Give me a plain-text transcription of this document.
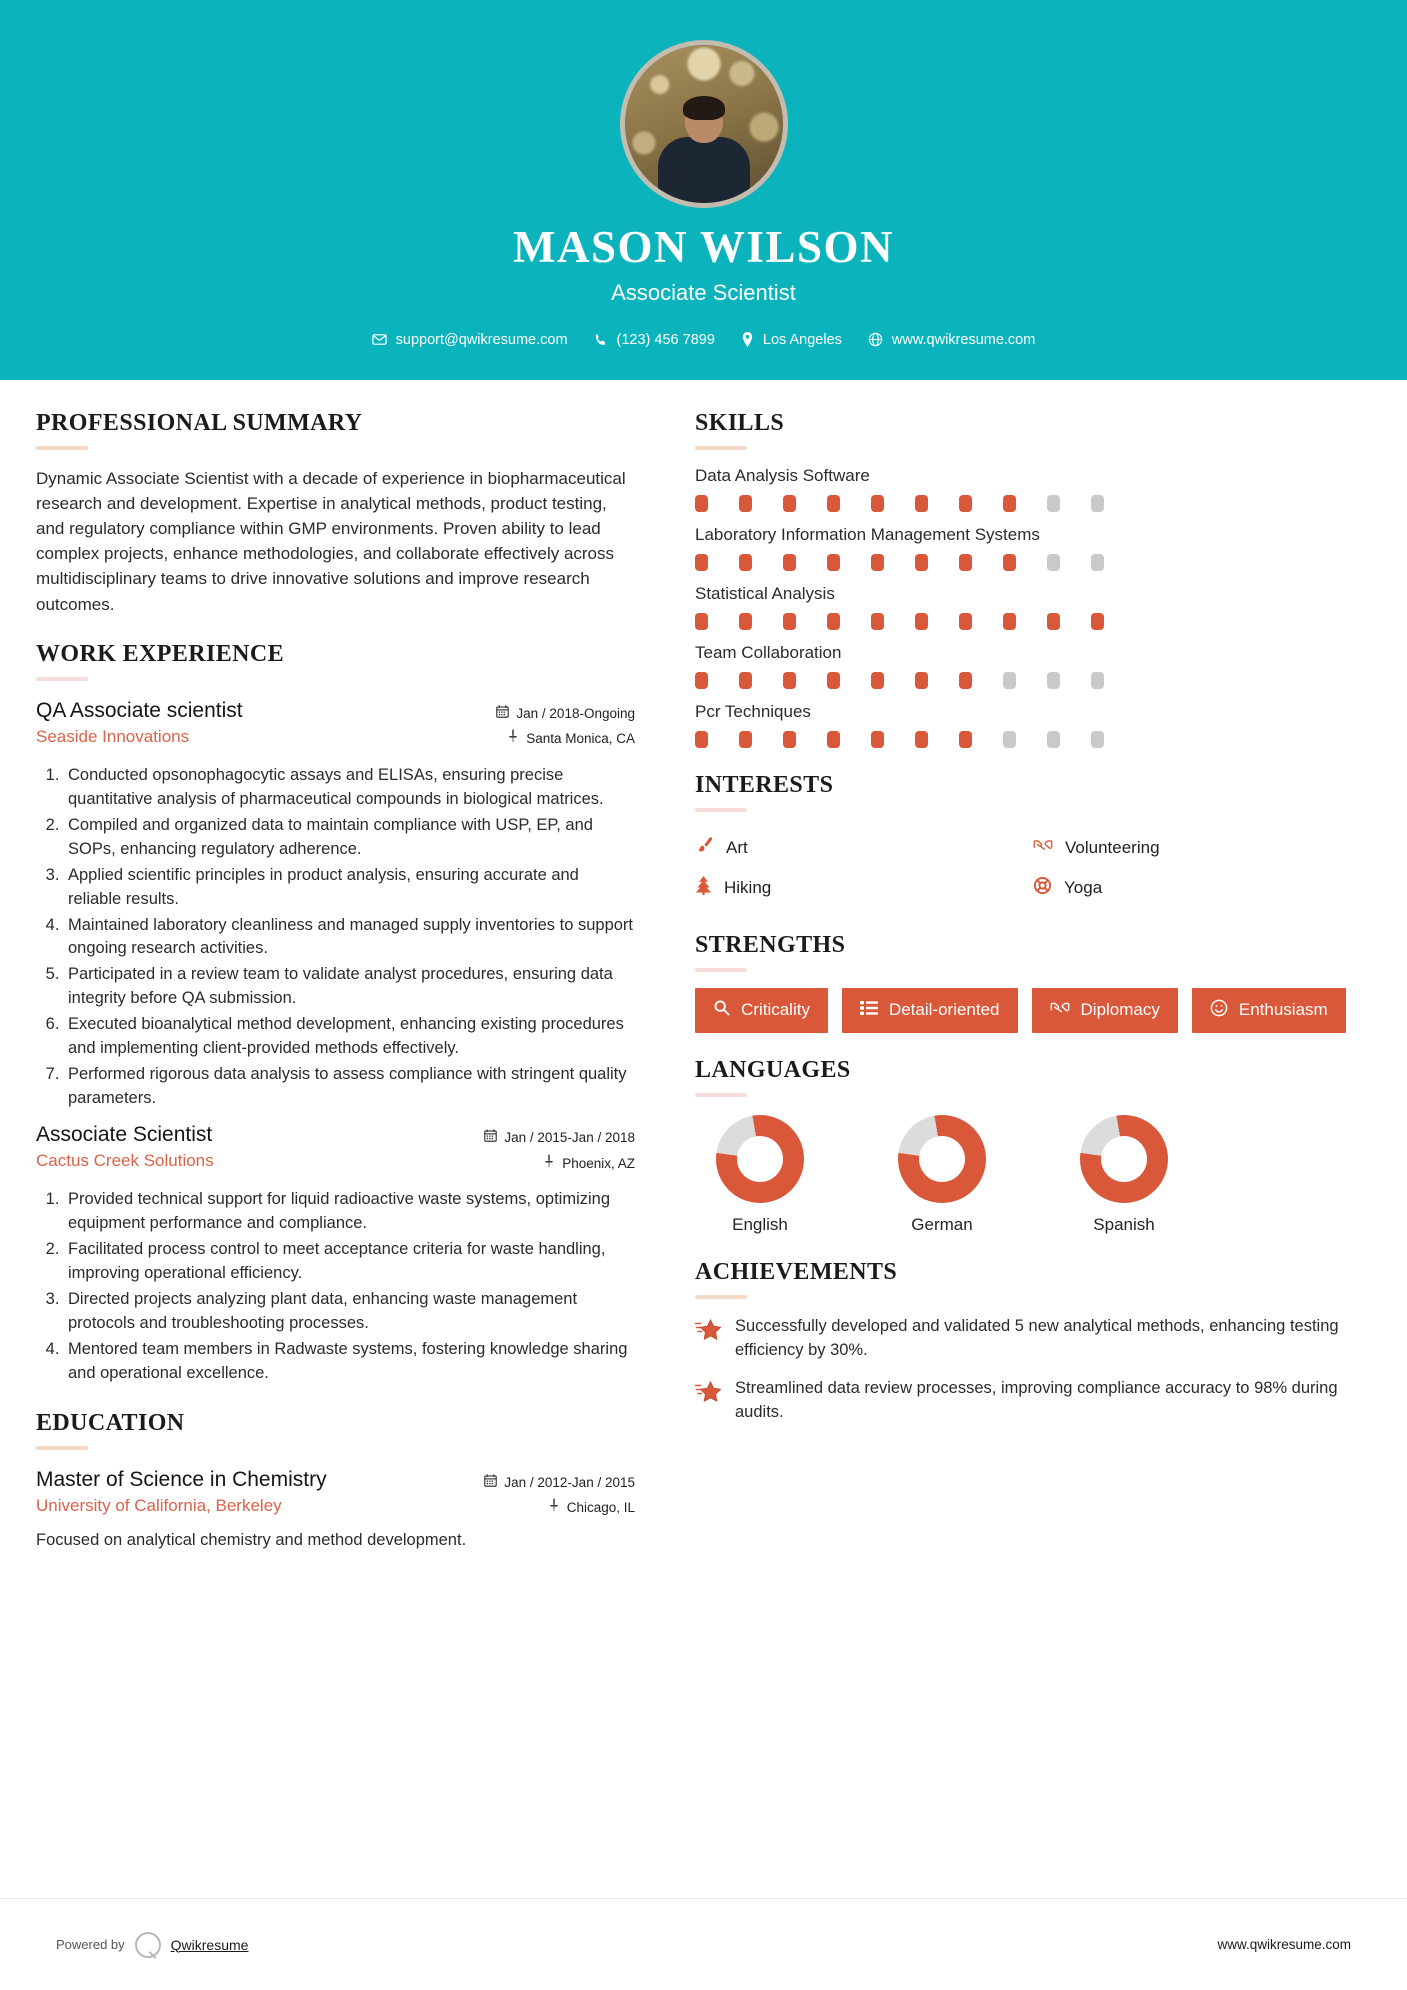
MASON WILSON
Associate Scientist
support@qwikresume.com	(123) 456 7899	Los Angeles	www.qwikresume.com
PROFESSIONAL SUMMARY
Dynamic Associate Scientist with a decade of experience in biopharmaceutical research and development. Expertise in analytical methods, product testing, and regulatory compliance within GMP environments. Proven ability to lead complex projects, enhance methodologies, and collaborate effectively across multidisciplinary teams to drive innovative solutions and improve research outcomes.
WORK EXPERIENCE
QA Associate scientist
Seaside Innovations
Jan / 2018-Ongoing
Santa Monica, CA
1. Conducted opsonophagocytic assays and ELISAs, ensuring precise quantitative analysis of pharmaceutical compounds in biological matrices.
2. Compiled and organized data to maintain compliance with USP, EP, and SOPs, enhancing regulatory adherence.
3. Applied scientific principles in product analysis, ensuring accurate and reliable results.
4. Maintained laboratory cleanliness and managed supply inventories to support ongoing research activities.
5. Participated in a review team to validate analyst procedures, ensuring data integrity before QA submission.
6. Executed bioanalytical method development, enhancing existing procedures and implementing client-provided methods effectively.
7. Performed rigorous data analysis to assess compliance with stringent quality parameters.
Associate Scientist
Cactus Creek Solutions
Jan / 2015-Jan / 2018
Phoenix, AZ
1. Provided technical support for liquid radioactive waste systems, optimizing equipment performance and compliance.
2. Facilitated process control to meet acceptance criteria for waste handling, improving operational efficiency.
3. Directed projects analyzing plant data, enhancing waste management protocols and troubleshooting processes.
4. Mentored team members in Radwaste systems, fostering knowledge sharing and operational excellence.
EDUCATION
Master of Science in Chemistry
University of California, Berkeley
Jan / 2012-Jan / 2015
Chicago, IL
Focused on analytical chemistry and method development.
SKILLS
Data Analysis Software
Laboratory Information Management Systems
Statistical Analysis
Team Collaboration
Pcr Techniques
INTERESTS
Art	Volunteering
Hiking	Yoga
STRENGTHS
Criticality	Detail-oriented	Diplomacy	Enthusiasm
LANGUAGES
English	German	Spanish
ACHIEVEMENTS
Successfully developed and validated 5 new analytical methods, enhancing testing efficiency by 30%.
Streamlined data review processes, improving compliance accuracy to 98% during audits.
Powered by	Qwikresume	www.qwikresume.com
